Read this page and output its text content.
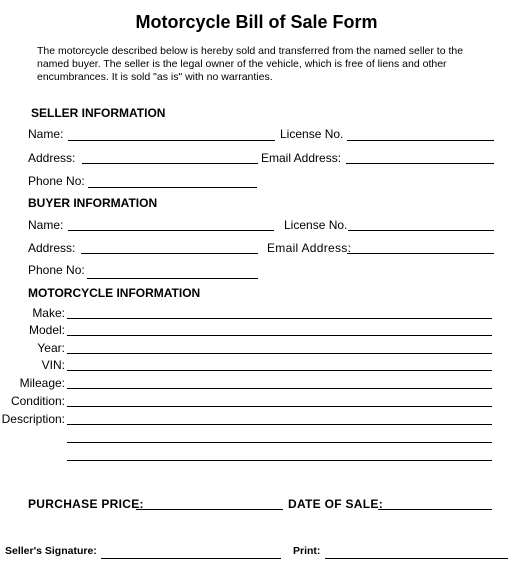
Motorcycle Bill of Sale Form
The motorcycle described below is hereby sold and transferred from the named seller to the named buyer. The seller is the legal owner of the vehicle, which is free of liens and other encumbrances. It is sold "as is" with no warranties.
SELLER INFORMATION
Name:	License No.
Address:	Email Address:
Phone No:
BUYER INFORMATION
Name:	License No.
Address:	Email Address:
Phone No:
MOTORCYCLE INFORMATION
Make:
Model:
Year:
VIN:
Mileage:
Condition:
Description:
PURCHASE PRICE:	DATE OF SALE:
Seller's Signature:	Print:
